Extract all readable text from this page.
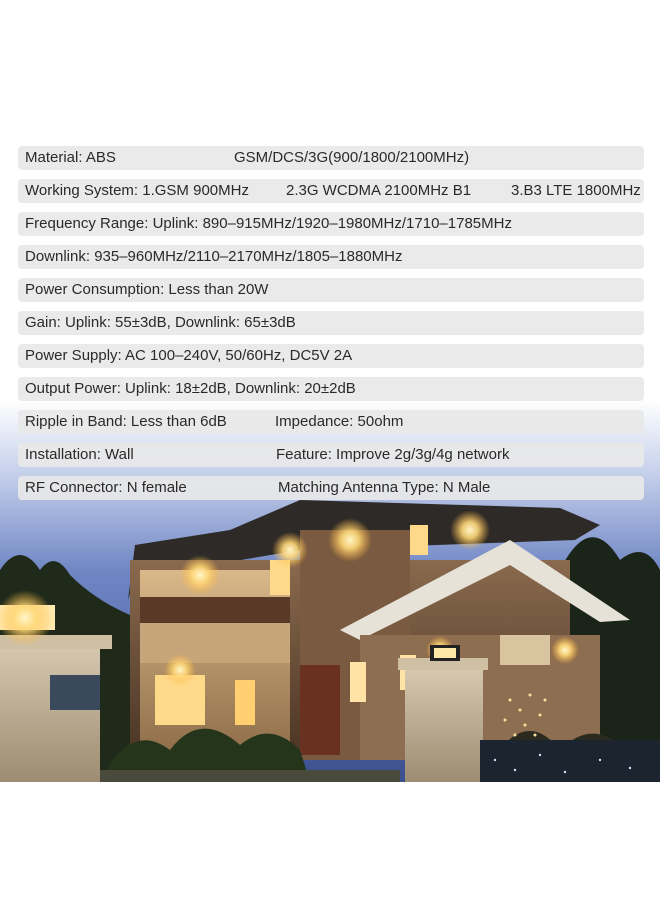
Material: ABS	GSM/DCS/3G(900/1800/2100MHz)
Working System: 1.GSM 900MHz 2.3G WCDMA 2100MHz B1	3.B3 LTE 1800MHz
Frequency Range: Uplink: 890–915MHz/1920–1980MHz/1710–1785MHz
Downlink: 935–960MHz/2110–2170MHz/1805–1880MHz
Power Consumption: Less than 20W
Gain: Uplink: 55±3dB, Downlink: 65±3dB
Power Supply: AC 100–240V, 50/60Hz, DC5V 2A
Output Power: Uplink: 18±2dB, Downlink: 20±2dB
Ripple in Band: Less than 6dB	Impedance: 50ohm
Installation: Wall	Feature: Improve 2g/3g/4g network
RF Connector: N female	Matching Antenna Type: N Male
